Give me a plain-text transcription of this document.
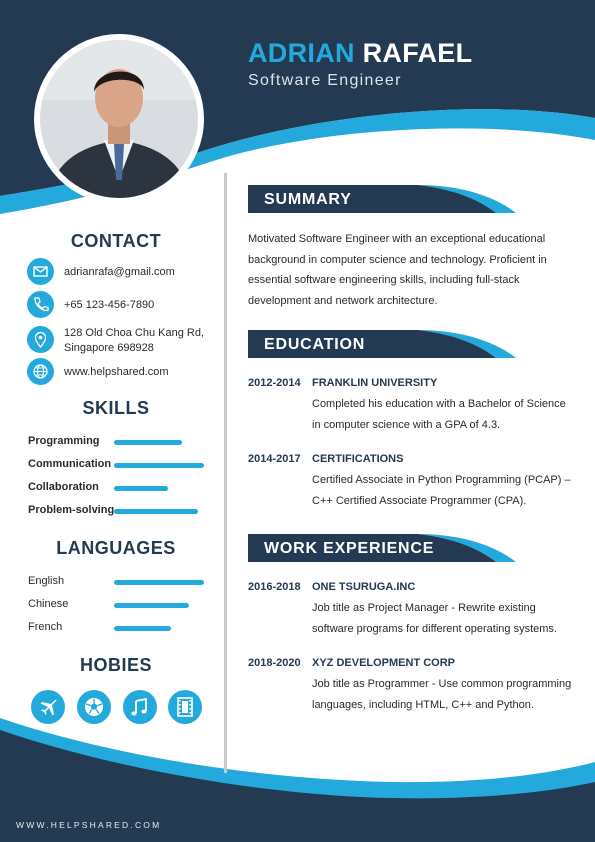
ADRIAN RAFAEL
Software Engineer
CONTACT
adrianrafa@gmail.com
+65 123-456-7890
128 Old Choa Chu Kang Rd,
Singapore 698928
www.helpshared.com
SKILLS
Programming
Communication
Collaboration
Problem-solving
LANGUAGES
English
Chinese
French
HOBIES
SUMMARY
Motivated Software Engineer with an exceptional educational background in computer science and technology. Proficient in essential software engineering skills, including full-stack development and network architecture.
EDUCATION
2012-2014 FRANKLIN UNIVERSITY
Completed his education with a Bachelor of Science in computer science with a GPA of 4.3.
2014-2017 CERTIFICATIONS
Certified Associate in Python Programming (PCAP) – C++ Certified Associate Programmer (CPA).
WORK EXPERIENCE
2016-2018 ONE TSURUGA.INC
Job title as Project Manager - Rewrite existing software programs for different operating systems.
2018-2020 XYZ DEVELOPMENT CORP
Job title as Programmer - Use common programming languages, including HTML, C++ and Python.
WWW.HELPSHARED.COM
